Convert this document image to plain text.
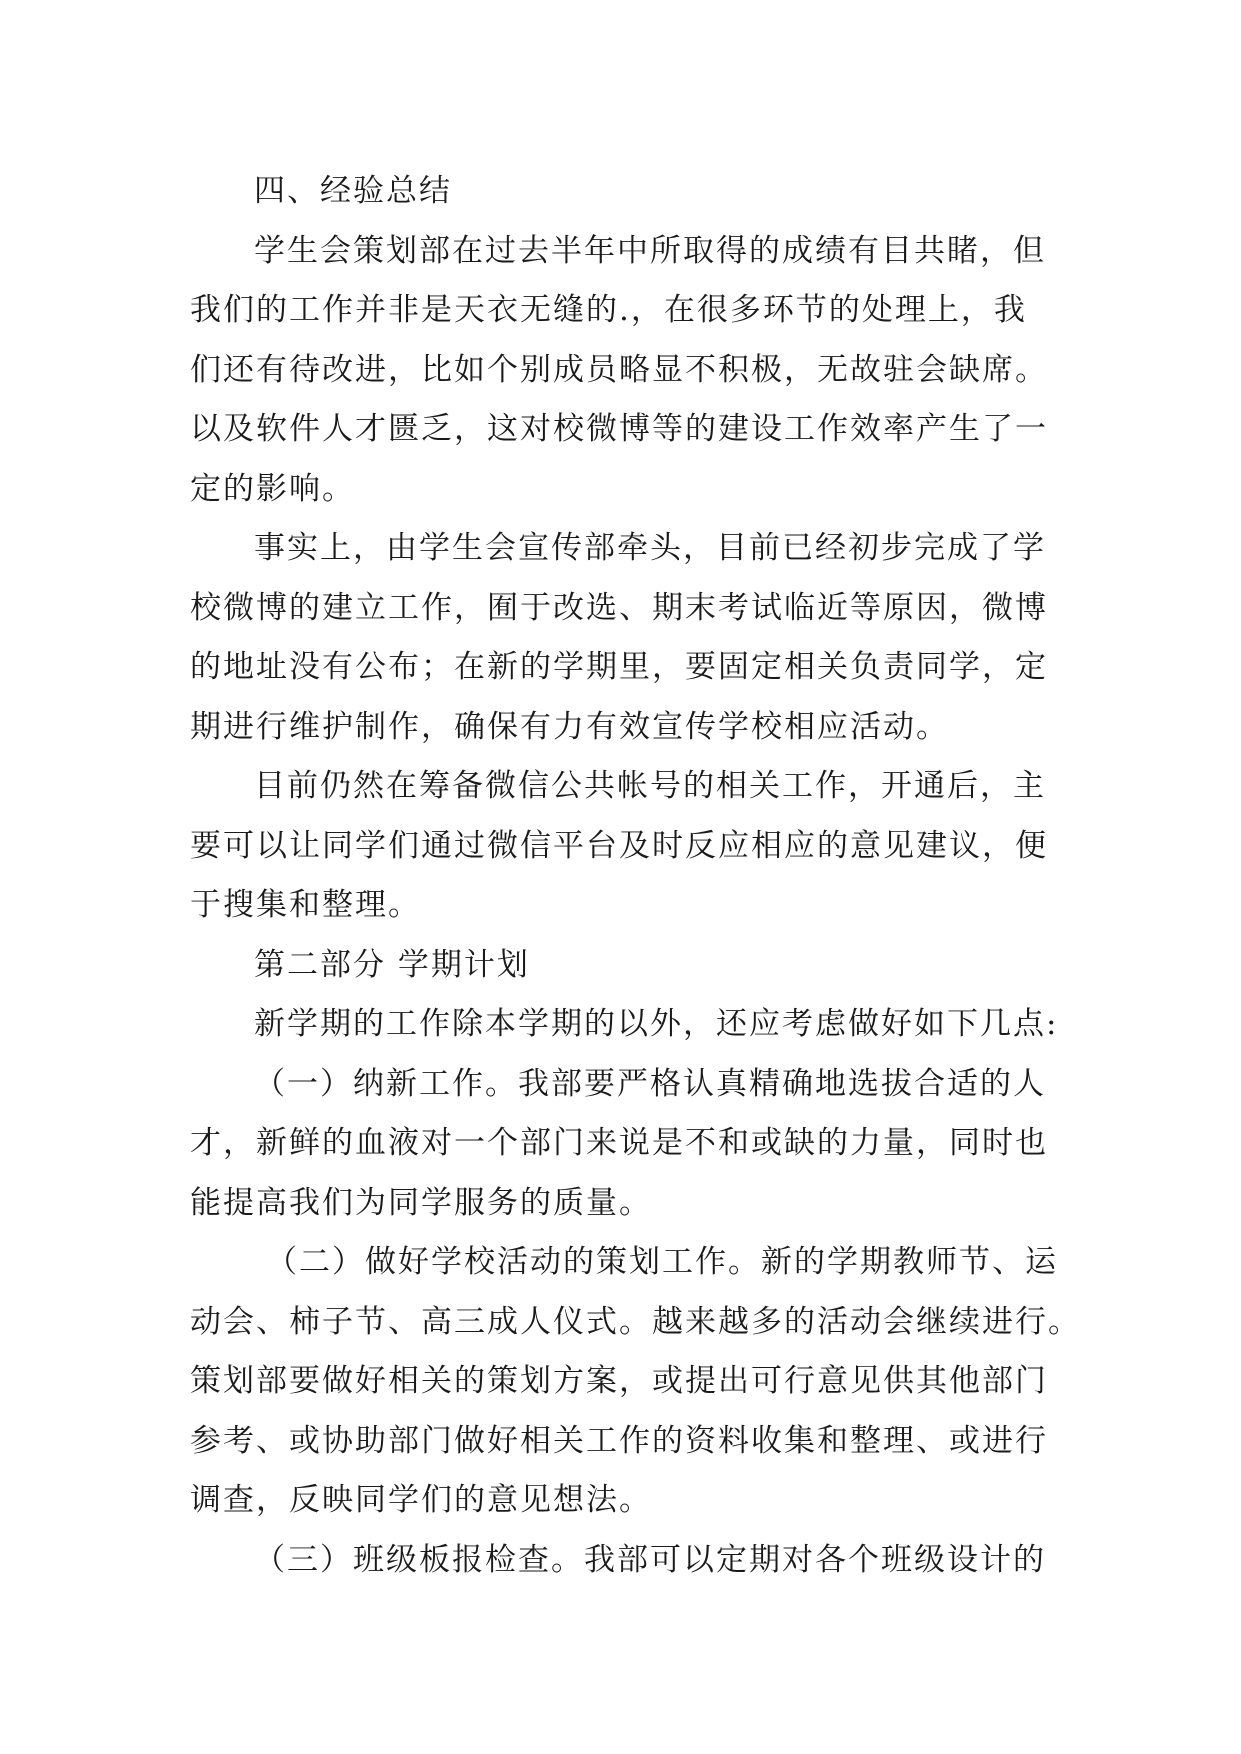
四、经验总结
学生会策划部在过去半年中所取得的成绩有目共睹，但
我们的工作并非是天衣无缝的.，在很多环节的处理上，我
们还有待改进，比如个别成员略显不积极，无故驻会缺席。
以及软件人才匮乏，这对校微博等的建设工作效率产生了一
定的影响。
事实上，由学生会宣传部牵头，目前已经初步完成了学
校微博的建立工作，囿于改选、期末考试临近等原因，微博
的地址没有公布；在新的学期里，要固定相关负责同学，定
期进行维护制作，确保有力有效宣传学校相应活动。
目前仍然在筹备微信公共帐号的相关工作，开通后，主
要可以让同学们通过微信平台及时反应相应的意见建议，便
于搜集和整理。
第二部分 学期计划
新学期的工作除本学期的以外，还应考虑做好如下几点:
（一）纳新工作。我部要严格认真精确地选拔合适的人
才，新鲜的血液对一个部门来说是不和或缺的力量，同时也
能提高我们为同学服务的质量。
（二）做好学校活动的策划工作。新的学期教师节、运
动会、柿子节、高三成人仪式。越来越多的活动会继续进行。
策划部要做好相关的策划方案，或提出可行意见供其他部门
参考、或协助部门做好相关工作的资料收集和整理、或进行
调查，反映同学们的意见想法。
（三）班级板报检查。我部可以定期对各个班级设计的
